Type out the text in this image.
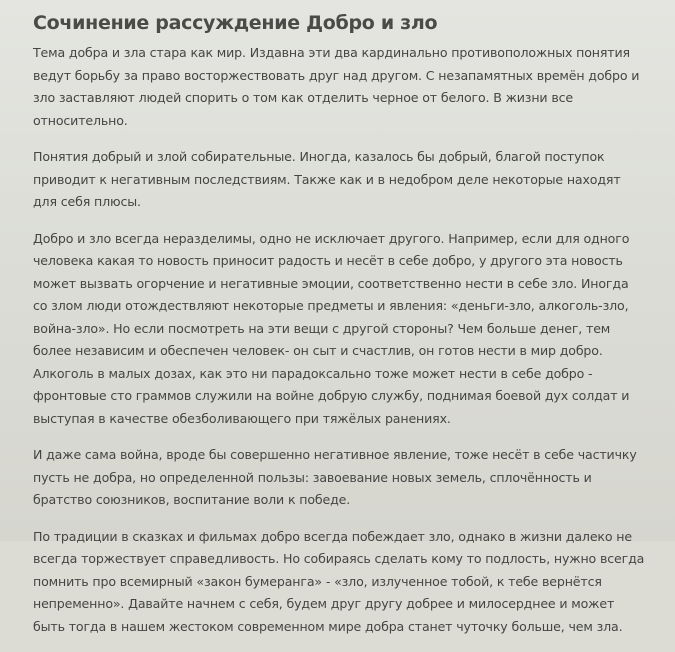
Сочинение рассуждение Добро и зло

Тема добра и зла стара как мир. Издавна эти два кардинально противоположных понятия ведут борьбу за право восторжествовать друг над другом. С незапамятных времён добро и зло заставляют людей спорить о том как отделить черное от белого. В жизни все относительно.

Понятия добрый и злой собирательные. Иногда, казалось бы добрый, благой поступок приводит к негативным последствиям. Также как и в недобром деле некоторые находят для себя плюсы.

Добро и зло всегда неразделимы, одно не исключает другого. Например, если для одного человека какая то новость приносит радость и несёт в себе добро, у другого эта новость может вызвать огорчение и негативные эмоции, соответственно нести в себе зло. Иногда со злом люди отождествляют некоторые предметы и явления: «деньги-зло, алкоголь-зло, война-зло». Но если посмотреть на эти вещи с другой стороны? Чем больше денег, тем более независим и обеспечен человек- он сыт и счастлив, он готов нести в мир добро. Алкоголь в малых дозах, как это ни парадоксально тоже может нести в себе добро - фронтовые сто граммов служили на войне добрую службу, поднимая боевой дух солдат и выступая в качестве обезболивающего при тяжёлых ранениях.

И даже сама война, вроде бы совершенно негативное явление, тоже несёт в себе частичку пусть не добра, но определенной пользы: завоевание новых земель, сплочённость и братство союзников, воспитание воли к победе.

По традиции в сказках и фильмах добро всегда побеждает зло, однако в жизни далеко не всегда торжествует справедливость. Но собираясь сделать кому то подлость, нужно всегда помнить про всемирный «закон бумеранга» - «зло, излученное тобой, к тебе вернётся непременно». Давайте начнем с себя, будем друг другу добрее и милосерднее и может быть тогда в нашем жестоком современном мире добра станет чуточку больше, чем зла.
